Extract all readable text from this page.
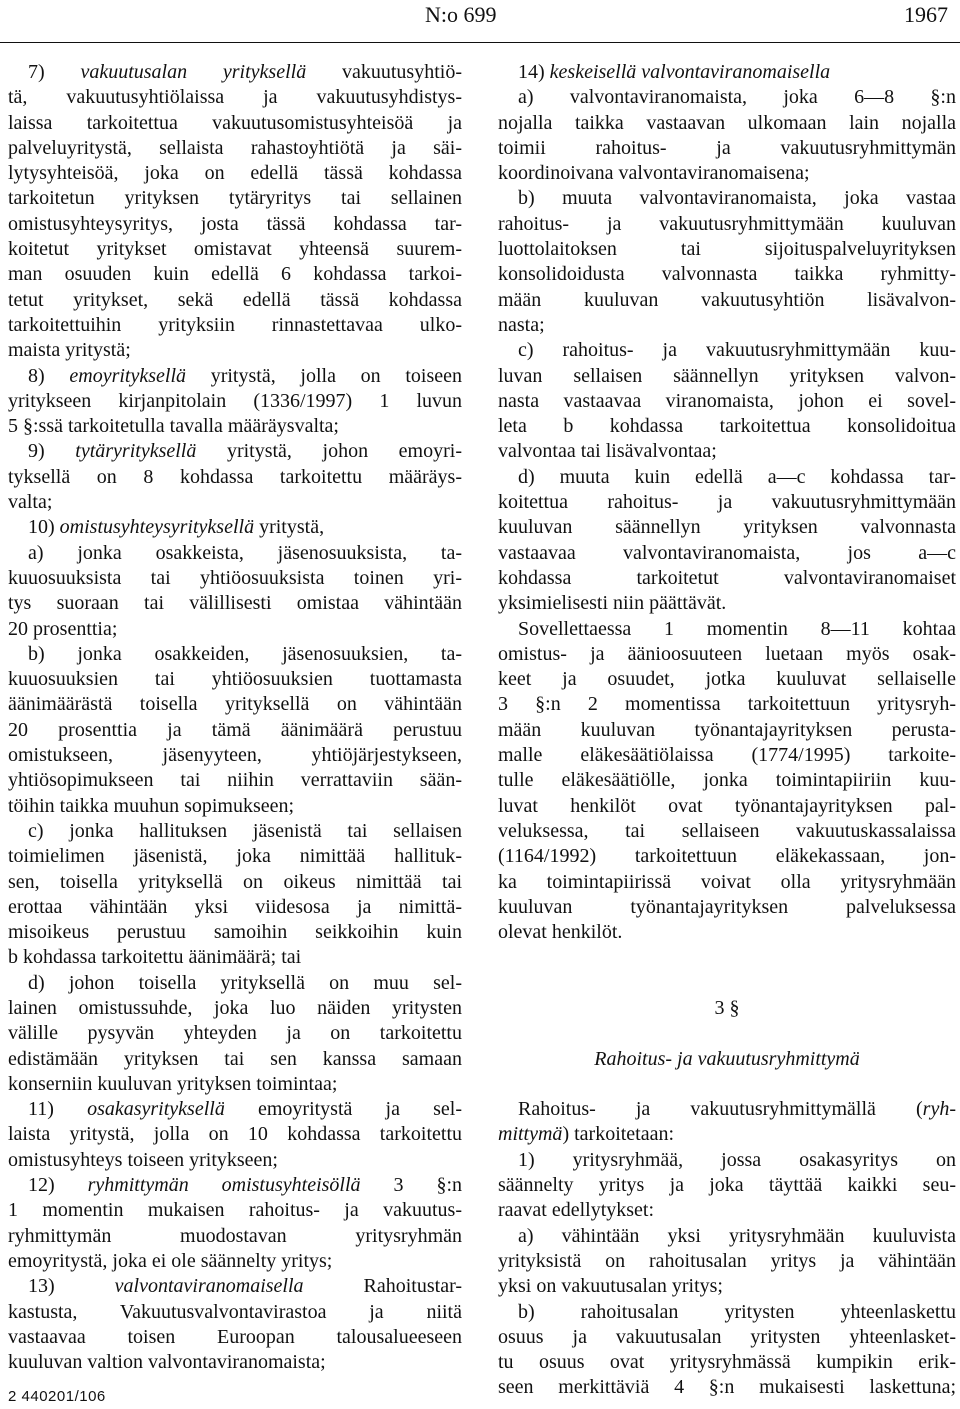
N:o 699	1967
7) vakuutusalan yrityksellä vakuutusyhtiö-
tä, vakuutusyhtiölaissa ja vakuutusyhdistys-
laissa tarkoitettua vakuutusomistusyhteisöä ja
palveluyritystä, sellaista rahastoyhtiötä ja säi-
lytysyhteisöä, joka on edellä tässä kohdassa
tarkoitetun yrityksen tytäryritys tai sellainen
omistusyhteysyritys, josta tässä kohdassa tar-
koitetut yritykset omistavat yhteensä suurem-
man osuuden kuin edellä 6 kohdassa tarkoi-
tetut yritykset, sekä edellä tässä kohdassa
tarkoitettuihin yrityksiin rinnastettavaa ulko-
maista yritystä;
8) emoyrityksellä yritystä, jolla on toiseen
yritykseen kirjanpitolain (1336/1997) 1 luvun
5 §:ssä tarkoitetulla tavalla määräysvalta;
9) tytäryrityksellä yritystä, johon emoyri-
tyksellä on 8 kohdassa tarkoitettu määräys-
valta;
10) omistusyhteysyrityksellä yritystä,
a) jonka osakkeista, jäsenosuuksista, ta-
kuuosuuksista tai yhtiöosuuksista toinen yri-
tys suoraan tai välillisesti omistaa vähintään
20 prosenttia;
b) jonka osakkeiden, jäsenosuuksien, ta-
kuuosuuksien tai yhtiöosuuksien tuottamasta
äänimäärästä toisella yrityksellä on vähintään
20 prosenttia ja tämä äänimäärä perustuu
omistukseen, jäsenyyteen, yhtiöjärjestykseen,
yhtiösopimukseen tai niihin verrattaviin sään-
töihin taikka muuhun sopimukseen;
c) jonka hallituksen jäsenistä tai sellaisen
toimielimen jäsenistä, joka nimittää hallituk-
sen, toisella yrityksellä on oikeus nimittää tai
erottaa vähintään yksi viidesosa ja nimittä-
misoikeus perustuu samoihin seikkoihin kuin
b kohdassa tarkoitettu äänimäärä; tai
d) johon toisella yrityksellä on muu sel-
lainen omistussuhde, joka luo näiden yritysten
välille pysyvän yhteyden ja on tarkoitettu
edistämään yrityksen tai sen kanssa samaan
konserniin kuuluvan yrityksen toimintaa;
11) osakasyrityksellä emoyritystä ja sel-
laista yritystä, jolla on 10 kohdassa tarkoitettu
omistusyhteys toiseen yritykseen;
12) ryhmittymän omistusyhteisöllä 3 §:n
1 momentin mukaisen rahoitus- ja vakuutus-
ryhmittymän muodostavan yritysryhmän
emoyritystä, joka ei ole säännelty yritys;
13) valvontaviranomaisella Rahoitustar-
kastusta, Vakuutusvalvontavirastoa ja niitä
vastaavaa toisen Euroopan talousalueeseen
kuuluvan valtion valvontaviranomaista;
14) keskeisellä valvontaviranomaisella
a) valvontaviranomaista, joka 6—8 §:n
nojalla taikka vastaavan ulkomaan lain nojalla
toimii rahoitus- ja vakuutusryhmittymän
koordinoivana valvontaviranomaisena;
b) muuta valvontaviranomaista, joka vastaa
rahoitus- ja vakuutusryhmittymään kuuluvan
luottolaitoksen tai sijoituspalveluyrityksen
konsolidoidusta valvonnasta taikka ryhmitty-
mään kuuluvan vakuutusyhtiön lisävalvon-
nasta;
c) rahoitus- ja vakuutusryhmittymään kuu-
luvan sellaisen säännellyn yrityksen valvon-
nasta vastaavaa viranomaista, johon ei sovel-
leta b kohdassa tarkoitettua konsolidoitua
valvontaa tai lisävalvontaa;
d) muuta kuin edellä a—c kohdassa tar-
koitettua rahoitus- ja vakuutusryhmittymään
kuuluvan säännellyn yrityksen valvonnasta
vastaavaa valvontaviranomaista, jos a—c
kohdassa tarkoitetut valvontaviranomaiset
yksimielisesti niin päättävät.
Sovellettaessa 1 momentin 8—11 kohtaa
omistus- ja äänioosuuteen luetaan myös osak-
keet ja osuudet, jotka kuuluvat sellaiselle
3 §:n 2 momentissa tarkoitettuun yritysryh-
mään kuuluvan työnantajayrityksen perusta-
malle eläkesäätiölaissa (1774/1995) tarkoite-
tulle eläkesäätiölle, jonka toimintapiiriin kuu-
luvat henkilöt ovat työnantajayrityksen pal-
veluksessa, tai sellaiseen vakuutuskassalaissa
(1164/1992) tarkoitettuun eläkekassaan, jon-
ka toimintapiirissä voivat olla yritysryhmään
kuuluvan työnantajayrityksen palveluksessa
olevat henkilöt.
3 §
Rahoitus- ja vakuutusryhmittymä
Rahoitus- ja vakuutusryhmittymällä (ryh-
mittymä) tarkoitetaan:
1) yritysryhmää, jossa osakasyritys on
säännelty yritys ja joka täyttää kaikki seu-
raavat edellytykset:
a) vähintään yksi yritysryhmään kuuluvista
yrityksistä on rahoitusalan yritys ja vähintään
yksi on vakuutusalan yritys;
b) rahoitusalan yritysten yhteenlaskettu
osuus ja vakuutusalan yritysten yhteenlasket-
tu osuus ovat yritysryhmässä kumpikin erik-
seen merkittäviä 4 §:n mukaisesti laskettuna;
2 440201/106
